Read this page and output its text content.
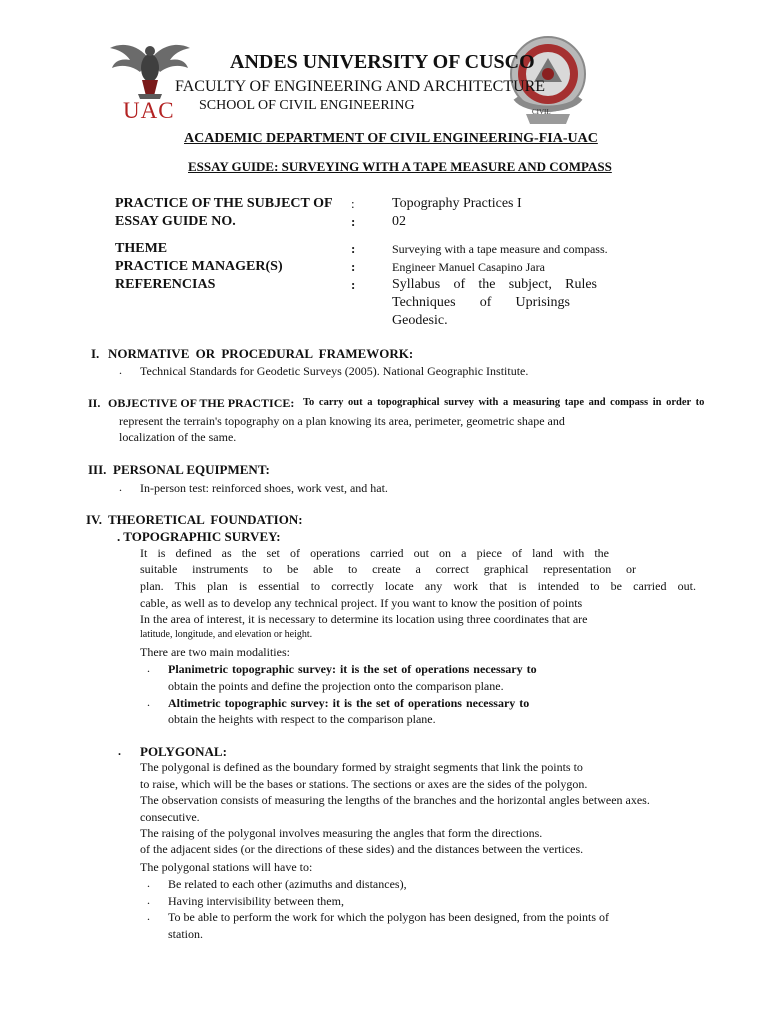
UAC	CIVIL
ANDES UNIVERSITY OF CUSCO
FACULTY OF ENGINEERING AND ARCHITECTURE
SCHOOL OF CIVIL ENGINEERING
ACADEMIC DEPARTMENT OF CIVIL ENGINEERING-FIA-UAC
ESSAY GUIDE: SURVEYING WITH A TAPE MEASURE AND COMPASS
PRACTICE OF THE SUBJECT OF :	Topography Practices I
ESSAY GUIDE NO.	:	02
THEME	:	Surveying with a tape measure and compass.
PRACTICE MANAGER(S)	:	Engineer Manuel Casapino Jara
REFERENCIAS	:	Syllabus of the subject, Rules
Techniques of Uprisings
Geodesic.
I. NORMATIVE OR PROCEDURAL FRAMEWORK:
. Technical Standards for Geodetic Surveys (2005). National Geographic Institute.
II. OBJECTIVE OF THE PRACTICE: To carry out a topographical survey with a measuring tape and compass in order to
represent the terrain's topography on a plan knowing its area, perimeter, geometric shape and
localization of the same.
III. PERSONAL EQUIPMENT:
. In-person test: reinforced shoes, work vest, and hat.
IV. THEORETICAL FOUNDATION:
. TOPOGRAPHIC SURVEY:
It is defined as the set of operations carried out on a piece of land with the
suitable instruments to be able to create a correct graphical representation or
plan. This plan is essential to correctly locate any work that is intended to be carried out.
cable, as well as to develop any technical project. If you want to know the position of points
In the area of interest, it is necessary to determine its location using three coordinates that are
latitude, longitude, and elevation or height.
There are two main modalities:
. Planimetric topographic survey: it is the set of operations necessary to
obtain the points and define the projection onto the comparison plane.
. Altimetric topographic survey: it is the set of operations necessary to
obtain the heights with respect to the comparison plane.
. POLYGONAL:
The polygonal is defined as the boundary formed by straight segments that link the points to
to raise, which will be the bases or stations. The sections or axes are the sides of the polygon.
The observation consists of measuring the lengths of the branches and the horizontal angles between axes.
consecutive.
The raising of the polygonal involves measuring the angles that form the directions.
of the adjacent sides (or the directions of these sides) and the distances between the vertices.
The polygonal stations will have to:
. Be related to each other (azimuths and distances),
. Having intervisibility between them,
. To be able to perform the work for which the polygon has been designed, from the points of
station.
